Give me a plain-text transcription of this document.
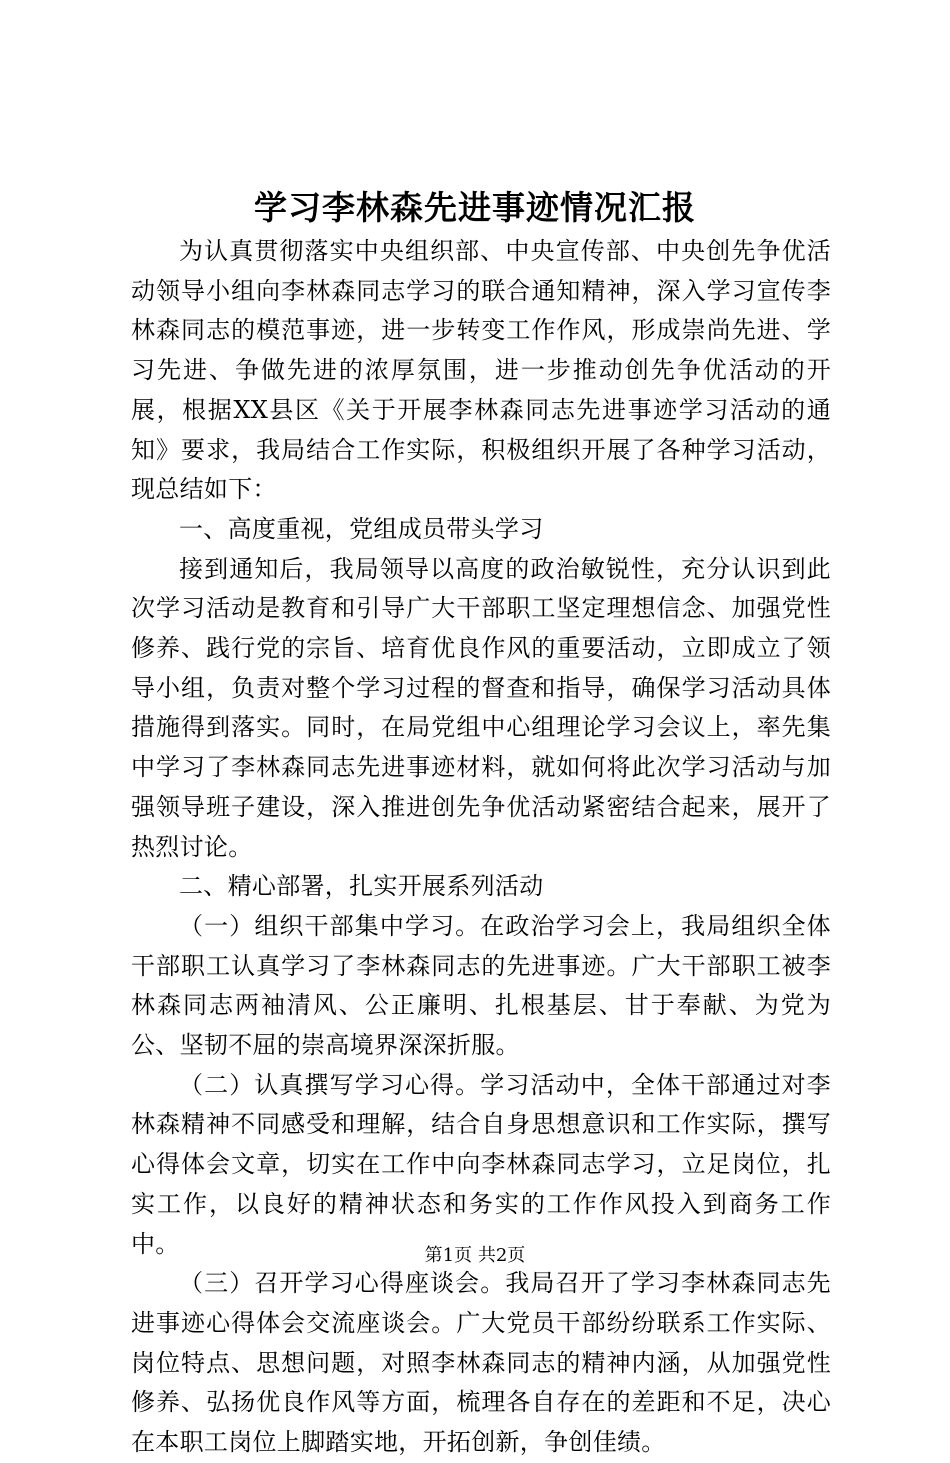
学习李林森先进事迹情况汇报

为认真贯彻落实中央组织部、中央宣传部、中央创先争优活动领导小组向李林森同志学习的联合通知精神，深入学习宣传李林森同志的模范事迹，进一步转变工作作风，形成崇尚先进、学习先进、争做先进的浓厚氛围，进一步推动创先争优活动的开展，根据XX县区《关于开展李林森同志先进事迹学习活动的通知》要求，我局结合工作实际，积极组织开展了各种学习活动，现总结如下：

一、高度重视，党组成员带头学习

接到通知后，我局领导以高度的政治敏锐性，充分认识到此次学习活动是教育和引导广大干部职工坚定理想信念、加强党性修养、践行党的宗旨、培育优良作风的重要活动，立即成立了领导小组，负责对整个学习过程的督查和指导，确保学习活动具体措施得到落实。同时，在局党组中心组理论学习会议上，率先集中学习了李林森同志先进事迹材料，就如何将此次学习活动与加强领导班子建设，深入推进创先争优活动紧密结合起来，展开了热烈讨论。

二、精心部署，扎实开展系列活动

（一）组织干部集中学习。在政治学习会上，我局组织全体干部职工认真学习了李林森同志的先进事迹。广大干部职工被李林森同志两袖清风、公正廉明、扎根基层、甘于奉献、为党为公、坚韧不屈的崇高境界深深折服。

（二）认真撰写学习心得。学习活动中，全体干部通过对李林森精神不同感受和理解，结合自身思想意识和工作实际，撰写心得体会文章，切实在工作中向李林森同志学习，立足岗位，扎实工作，以良好的精神状态和务实的工作作风投入到商务工作中。

（三）召开学习心得座谈会。我局召开了学习李林森同志先进事迹心得体会交流座谈会。广大党员干部纷纷联系工作实际、岗位特点、思想问题，对照李林森同志的精神内涵，从加强党性修养、弘扬优良作风等方面，梳理各自存在的差距和不足，决心在本职工岗位上脚踏实地，开拓创新，争创佳绩。

第1页 共2页
